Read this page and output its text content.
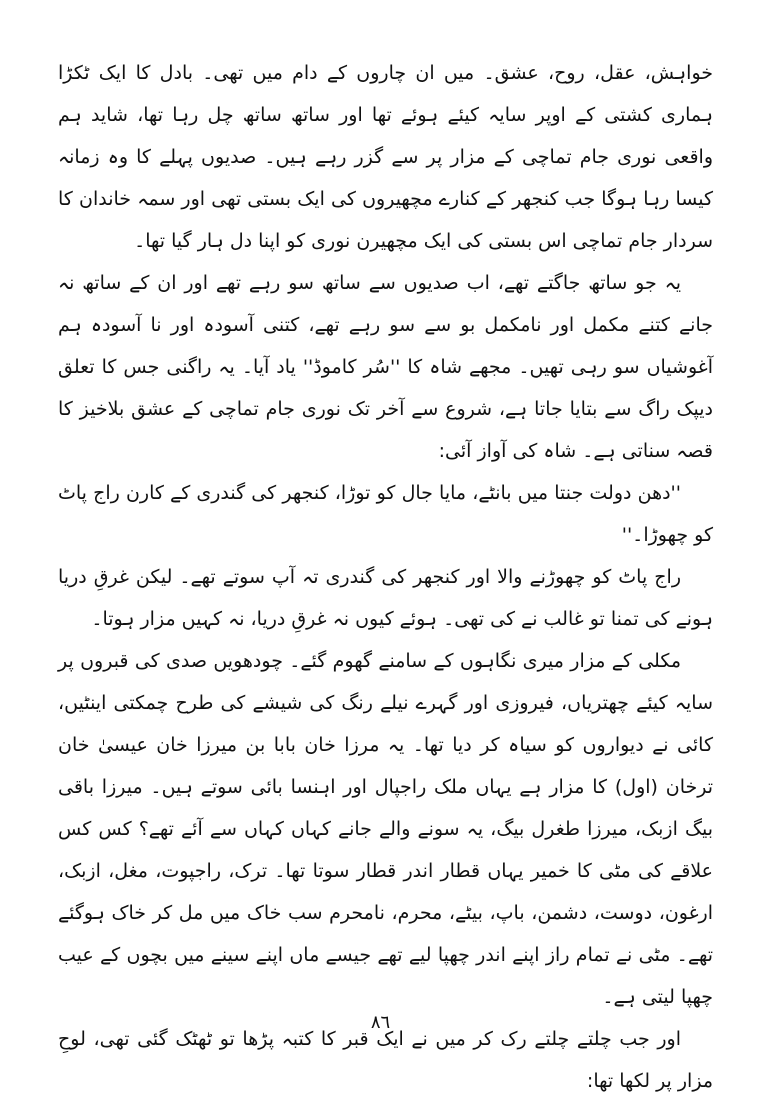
خواہش، عقل، روح، عشق۔ میں ان چاروں کے دام میں تھی۔ بادل کا ایک ٹکڑا ہماری کشتی کے اوپر سایہ کیئے ہوئے تھا اور ساتھ ساتھ چل رہا تھا، شاید ہم واقعی نوری جام تماچی کے مزار پر سے گزر رہے ہیں۔ صدیوں پہلے کا وہ زمانہ کیسا رہا ہوگا جب کنجھر کے کنارے مچھیروں کی ایک بستی تھی اور سمہ خاندان کا سردار جام تماچی اس بستی کی ایک مچھیرن نوری کو اپنا دل ہار گیا تھا۔

یہ جو ساتھ جاگتے تھے، اب صدیوں سے ساتھ سو رہے تھے اور ان کے ساتھ نہ جانے کتنے مکمل اور نامکمل بو سے سو رہے تھے، کتنی آسودہ اور نا آسودہ ہم آغوشیاں سو رہی تھیں۔ مجھے شاہ کا ''سُر کاموڈ'' یاد آیا۔ یہ راگنی جس کا تعلق دیپک راگ سے بتایا جاتا ہے، شروع سے آخر تک نوری جام تماچی کے عشق بلاخیز کا قصہ سناتی ہے۔ شاہ کی آواز آئی:

''دھن دولت جنتا میں بانٹے، مایا جال کو توڑا، کنجھر کی گندری کے کارن راج پاٹ کو چھوڑا۔''

راج پاٹ کو چھوڑنے والا اور کنجھر کی گندری تہ آپ سوتے تھے۔ لیکن غرقِ دریا ہونے کی تمنا تو غالب نے کی تھی۔ ہوئے کیوں نہ غرقِ دریا، نہ کہیں مزار ہوتا۔

مکلی کے مزار میری نگاہوں کے سامنے گھوم گئے۔ چودھویں صدی کی قبروں پر سایہ کیئے چھتریاں، فیروزی اور گہرے نیلے رنگ کی شیشے کی طرح چمکتی اینٹیں، کائی نے دیواروں کو سیاہ کر دیا تھا۔ یہ مرزا خان بابا بن میرزا خان عیسیٰ خان ترخان (اول) کا مزار ہے یہاں ملک راجپال اور اہنسا بائی سوتے ہیں۔ میرزا باقی بیگ ازبک، میرزا طغرل بیگ، یہ سونے والے جانے کہاں کہاں سے آئے تھے؟ کس کس علاقے کی مٹی کا خمیر یہاں قطار اندر قطار سوتا تھا۔ ترک، راجپوت، مغل، ازبک، ارغون، دوست، دشمن، باپ، بیٹے، محرم، نامحرم سب خاک میں مل کر خاک ہوگئے تھے۔ مٹی نے تمام راز اپنے اندر چھپا لیے تھے جیسے ماں اپنے سینے میں بچوں کے عیب چھپا لیتی ہے۔

اور جب چلتے چلتے رک کر میں نے ایک قبر کا کتبہ پڑھا تو ٹھٹک گئی تھی، لوحِ مزار پر لکھا تھا:

٨٦
